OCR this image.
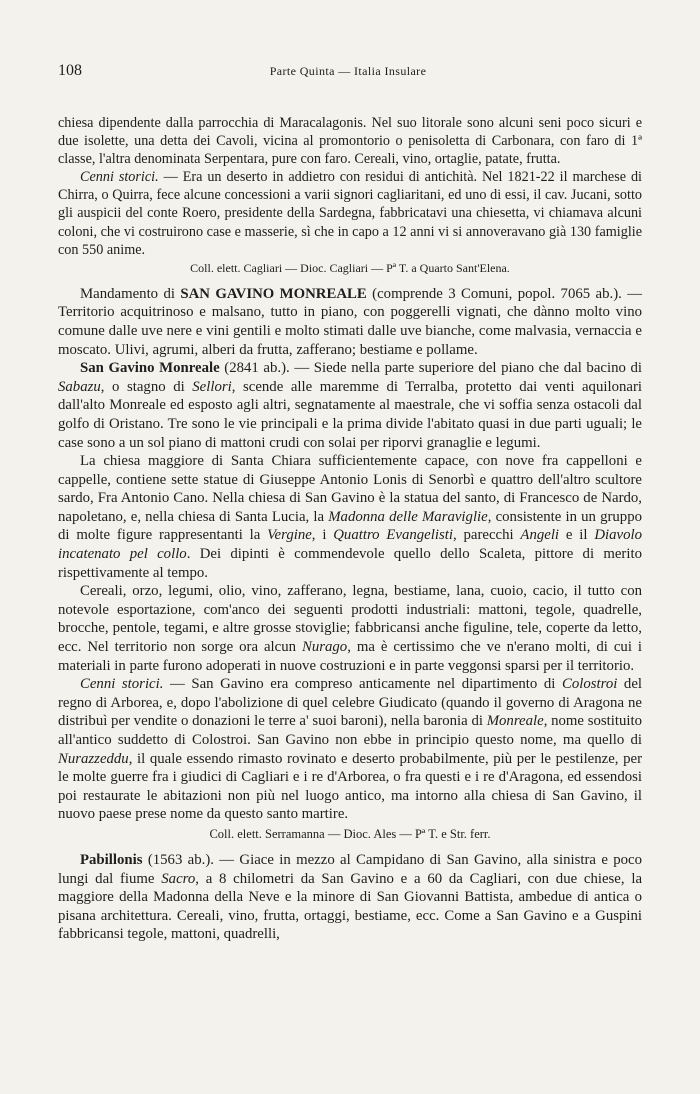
108	Parte Quinta — Italia Insulare

chiesa dipendente dalla parrocchia di Maracalagonis. Nel suo litorale sono alcuni seni poco sicuri e due isolette, una detta dei Cavoli, vicina al promontorio o penisoletta di Carbonara, con faro di 1ª classe, l'altra denominata Serpentara, pure con faro. Cereali, vino, ortaglie, patate, frutta.

Cenni storici. — Era un deserto in addietro con residui di antichità. Nel 1821-22 il marchese di Chirra, o Quirra, fece alcune concessioni a varii signori cagliaritani, ed uno di essi, il cav. Jucani, sotto gli auspicii del conte Roero, presidente della Sardegna, fabbricatavi una chiesetta, vi chiamava alcuni coloni, che vi costruirono case e masserie, sì che in capo a 12 anni vi si annoveravano già 130 famiglie con 550 anime.

Coll. elett. Cagliari — Dioc. Cagliari — Pª T. a Quarto Sant'Elena.

Mandamento di SAN GAVINO MONREALE (comprende 3 Comuni, popol. 7065 ab.). — Territorio acquitrinoso e malsano, tutto in piano, con poggerelli vignati, che dànno molto vino comune dalle uve nere e vini gentili e molto stimati dalle uve bianche, come malvasia, vernaccia e moscato. Ulivi, agrumi, alberi da frutta, zafferano; bestiame e pollame.

San Gavino Monreale (2841 ab.). — Siede nella parte superiore del piano che dal bacino di Sabazu, o stagno di Sellori, scende alle maremme di Terralba, protetto dai venti aquilonari dall'alto Monreale ed esposto agli altri, segnatamente al maestrale, che vi soffia senza ostacoli dal golfo di Oristano. Tre sono le vie principali e la prima divide l'abitato quasi in due parti uguali; le case sono a un sol piano di mattoni crudi con solai per riporvi granaglie e legumi.

La chiesa maggiore di Santa Chiara sufficientemente capace, con nove fra cappelloni e cappelle, contiene sette statue di Giuseppe Antonio Lonis di Senorbì e quattro dell'altro scultore sardo, Fra Antonio Cano. Nella chiesa di San Gavino è la statua del santo, di Francesco de Nardo, napoletano, e, nella chiesa di Santa Lucia, la Madonna delle Maraviglie, consistente in un gruppo di molte figure rappresentanti la Vergine, i Quattro Evangelisti, parecchi Angeli e il Diavolo incatenato pel collo. Dei dipinti è commendevole quello dello Scaleta, pittore di merito rispettivamente al tempo.

Cereali, orzo, legumi, olio, vino, zafferano, legna, bestiame, lana, cuoio, cacio, il tutto con notevole esportazione, com'anco dei seguenti prodotti industriali: mattoni, tegole, quadrelle, brocche, pentole, tegami, e altre grosse stoviglie; fabbricansi anche figuline, tele, coperte da letto, ecc. Nel territorio non sorge ora alcun Nurago, ma è certissimo che ve n'erano molti, di cui i materiali in parte furono adoperati in nuove costruzioni e in parte veggonsi sparsi per il territorio.

Cenni storici. — San Gavino era compreso anticamente nel dipartimento di Colostroi del regno di Arborea, e, dopo l'abolizione di quel celebre Giudicato (quando il governo di Aragona ne distribuì per vendite o donazioni le terre a' suoi baroni), nella baronia di Monreale, nome sostituito all'antico suddetto di Colostroi. San Gavino non ebbe in principio questo nome, ma quello di Nurazzeddu, il quale essendo rimasto rovinato e deserto probabilmente, più per le pestilenze, per le molte guerre fra i giudici di Cagliari e i re d'Arborea, o fra questi e i re d'Aragona, ed essendosi poi restaurate le abitazioni non più nel luogo antico, ma intorno alla chiesa di San Gavino, il nuovo paese prese nome da questo santo martire.

Coll. elett. Serramanna — Dioc. Ales — Pª T. e Str. ferr.

Pabillonis (1563 ab.). — Giace in mezzo al Campidano di San Gavino, alla sinistra e poco lungi dal fiume Sacro, a 8 chilometri da San Gavino e a 60 da Cagliari, con due chiese, la maggiore della Madonna della Neve e la minore di San Giovanni Battista, ambedue di antica o pisana architettura. Cereali, vino, frutta, ortaggi, bestiame, ecc. Come a San Gavino e a Guspini fabbricansi tegole, mattoni, quadrelli,
